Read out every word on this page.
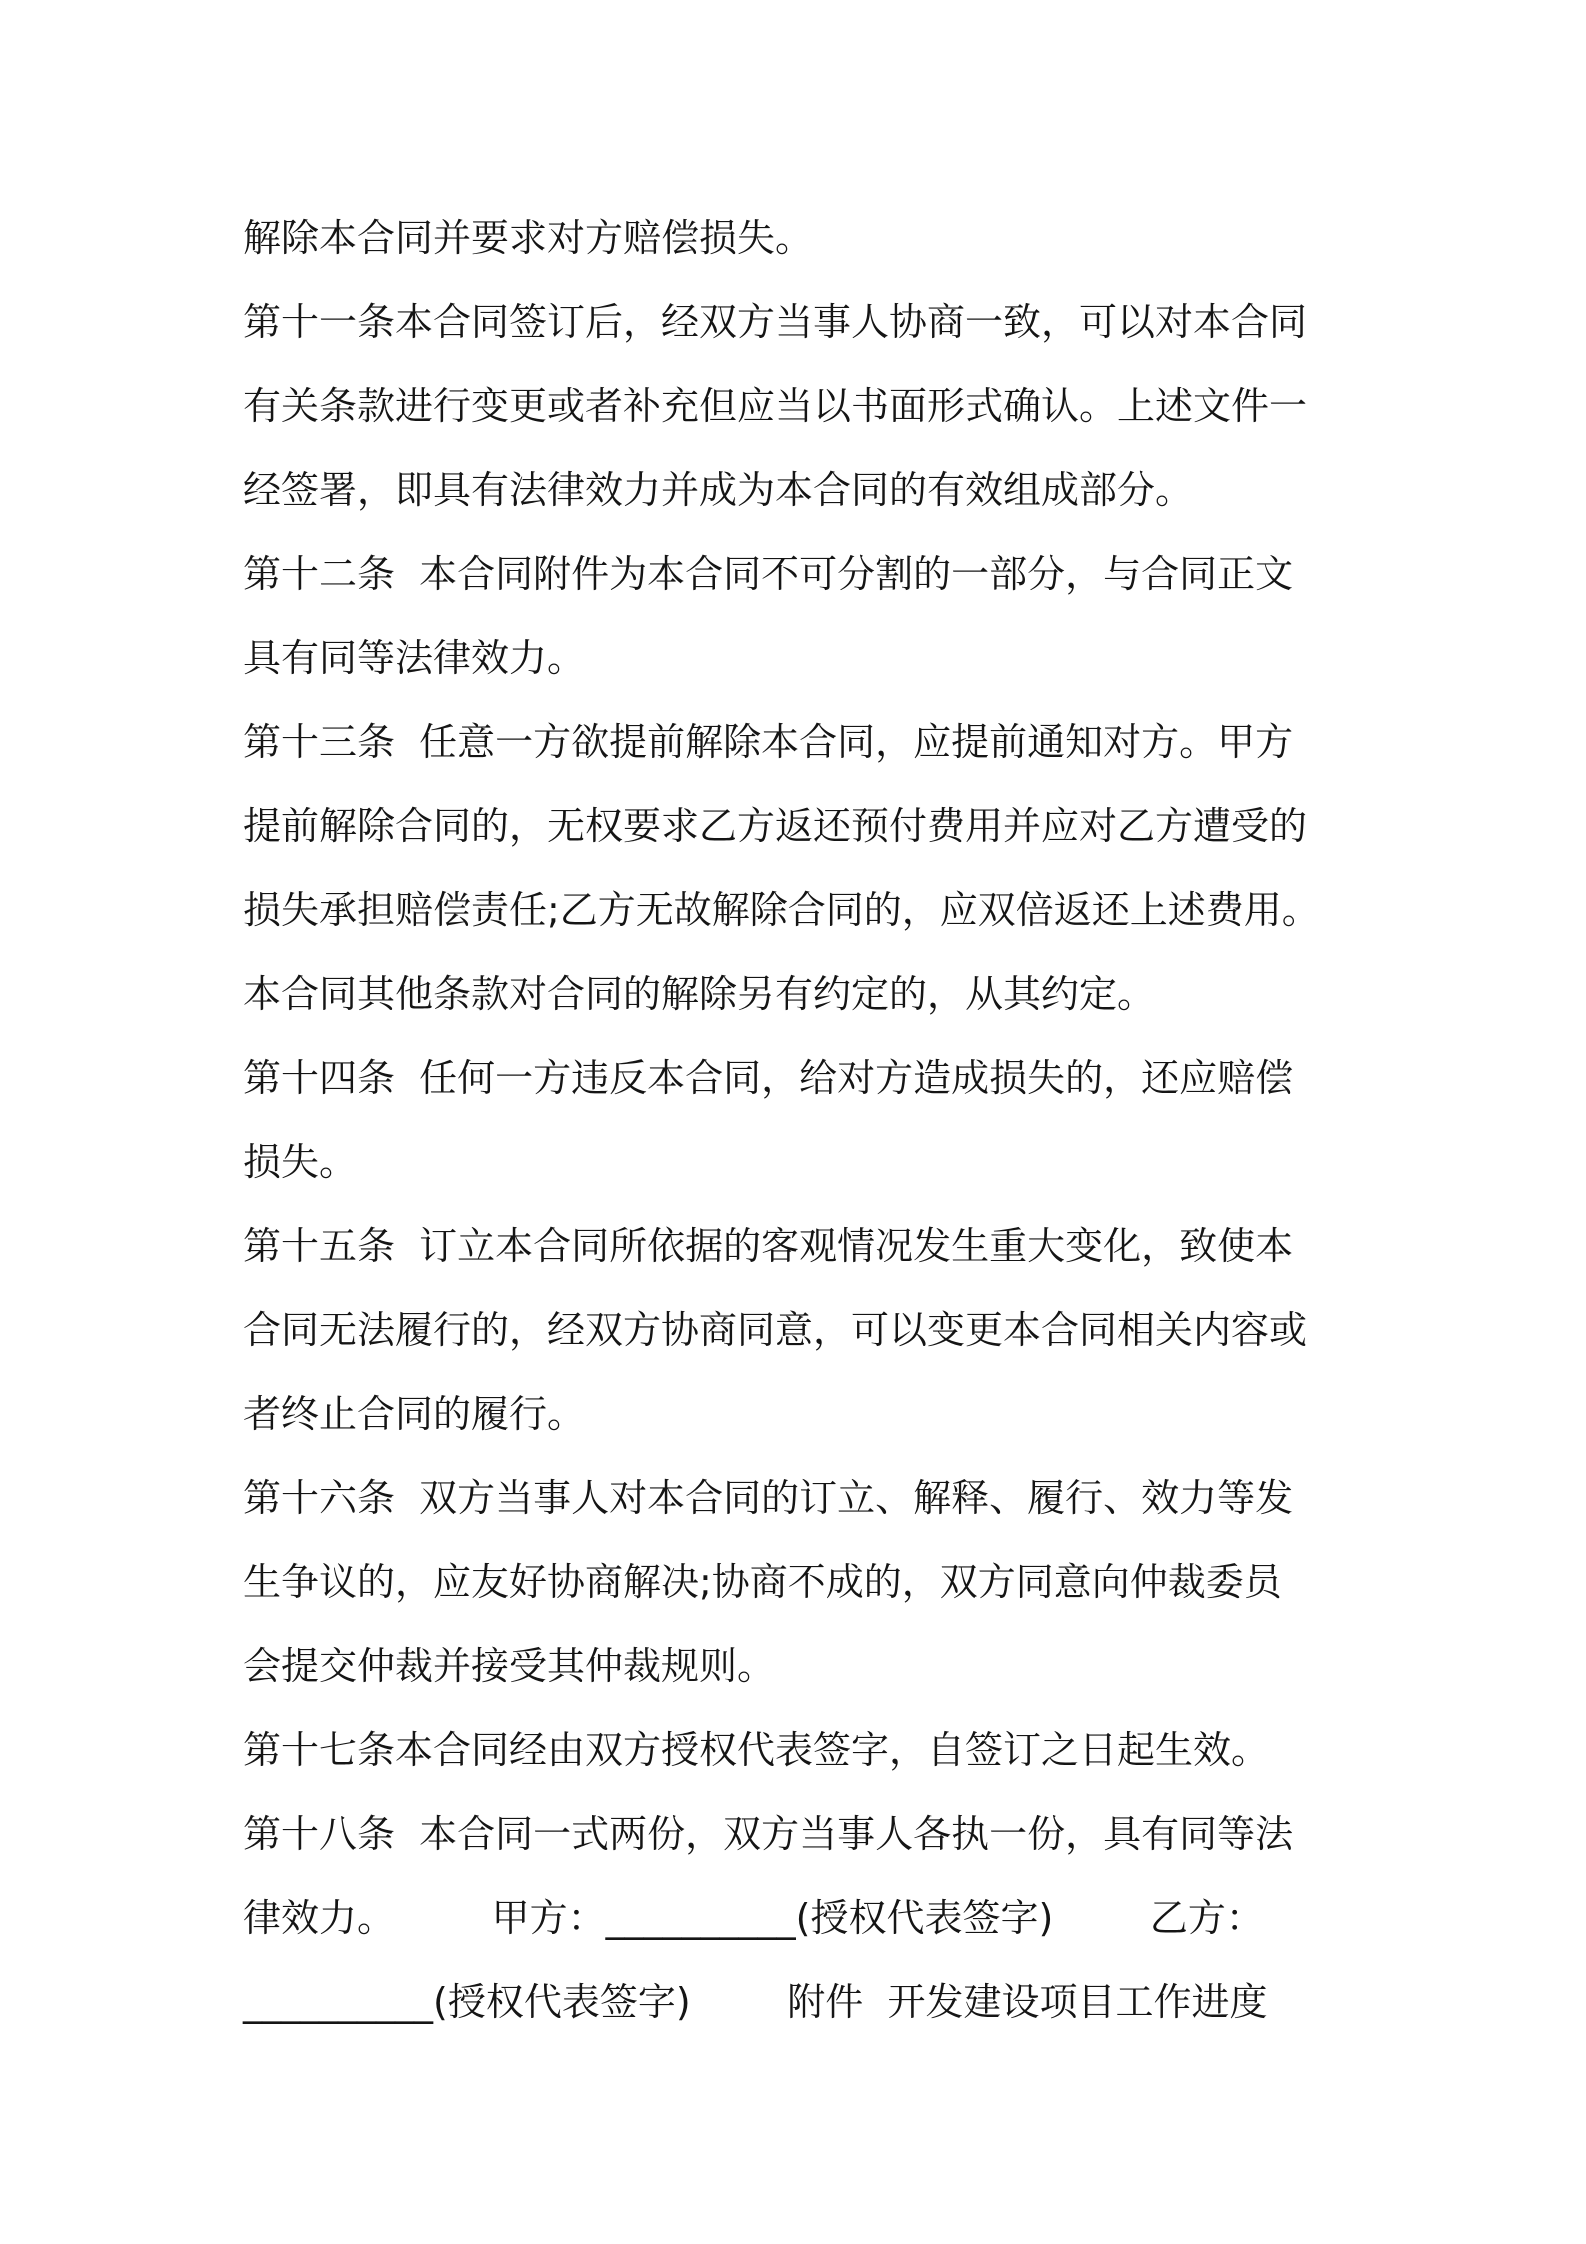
解除本合同并要求对方赔偿损失。
第十一条本合同签订后，经双方当事人协商一致，可以对本合同
有关条款进行变更或者补充但应当以书面形式确认。上述文件一
经签署，即具有法律效力并成为本合同的有效组成部分。
第十二条  本合同附件为本合同不可分割的一部分，与合同正文
具有同等法律效力。
第十三条  任意一方欲提前解除本合同，应提前通知对方。甲方
提前解除合同的，无权要求乙方返还预付费用并应对乙方遭受的
损失承担赔偿责任;乙方无故解除合同的，应双倍返还上述费用。
本合同其他条款对合同的解除另有约定的，从其约定。
第十四条  任何一方违反本合同，给对方造成损失的，还应赔偿
损失。
第十五条  订立本合同所依据的客观情况发生重大变化，致使本
合同无法履行的，经双方协商同意，可以变更本合同相关内容或
者终止合同的履行。
第十六条  双方当事人对本合同的订立、解释、履行、效力等发
生争议的，应友好协商解决;协商不成的，双方同意向仲裁委员
会提交仲裁并接受其仲裁规则。
第十七条本合同经由双方授权代表签字，自签订之日起生效。
第十八条  本合同一式两份，双方当事人各执一份，具有同等法
律效力。        甲方：__________(授权代表签字)        乙方：
__________(授权代表签字)        附件  开发建设项目工作进度
